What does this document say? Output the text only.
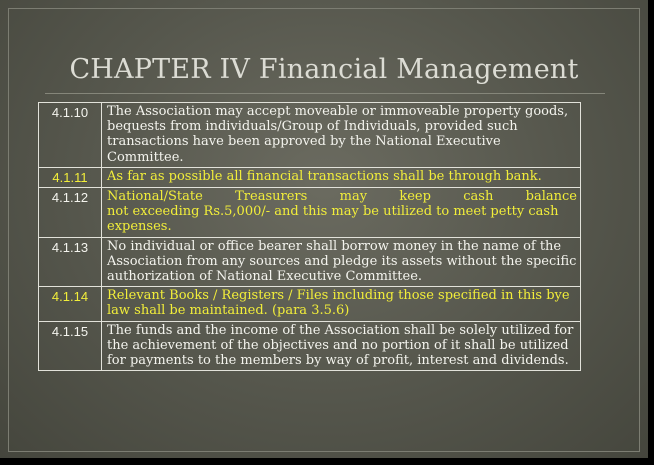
CHAPTER IV Financial Management
4.1.10	The Association may accept moveable or immoveable property goods, bequests from individuals/Group of Individuals, provided such transactions have been approved by the National Executive Committee.
4.1.11	As far as possible all financial transactions shall be through bank.
4.1.12	National/State Treasurers may keep cash balance
not exceeding Rs.5,000/- and this may be utilized to meet petty cash expenses.

4.1.13	No individual or office bearer shall borrow money in the name of the Association from any sources and pledge its assets without the specific authorization of National Executive Committee.
4.1.14	Relevant Books / Registers / Files including those specified in this bye law shall be maintained. (para 3.5.6)
4.1.15	The funds and the income of the Association shall be solely utilized for the achievement of the objectives and no portion of it shall be utilized for payments to the members by way of profit, interest and dividends.
